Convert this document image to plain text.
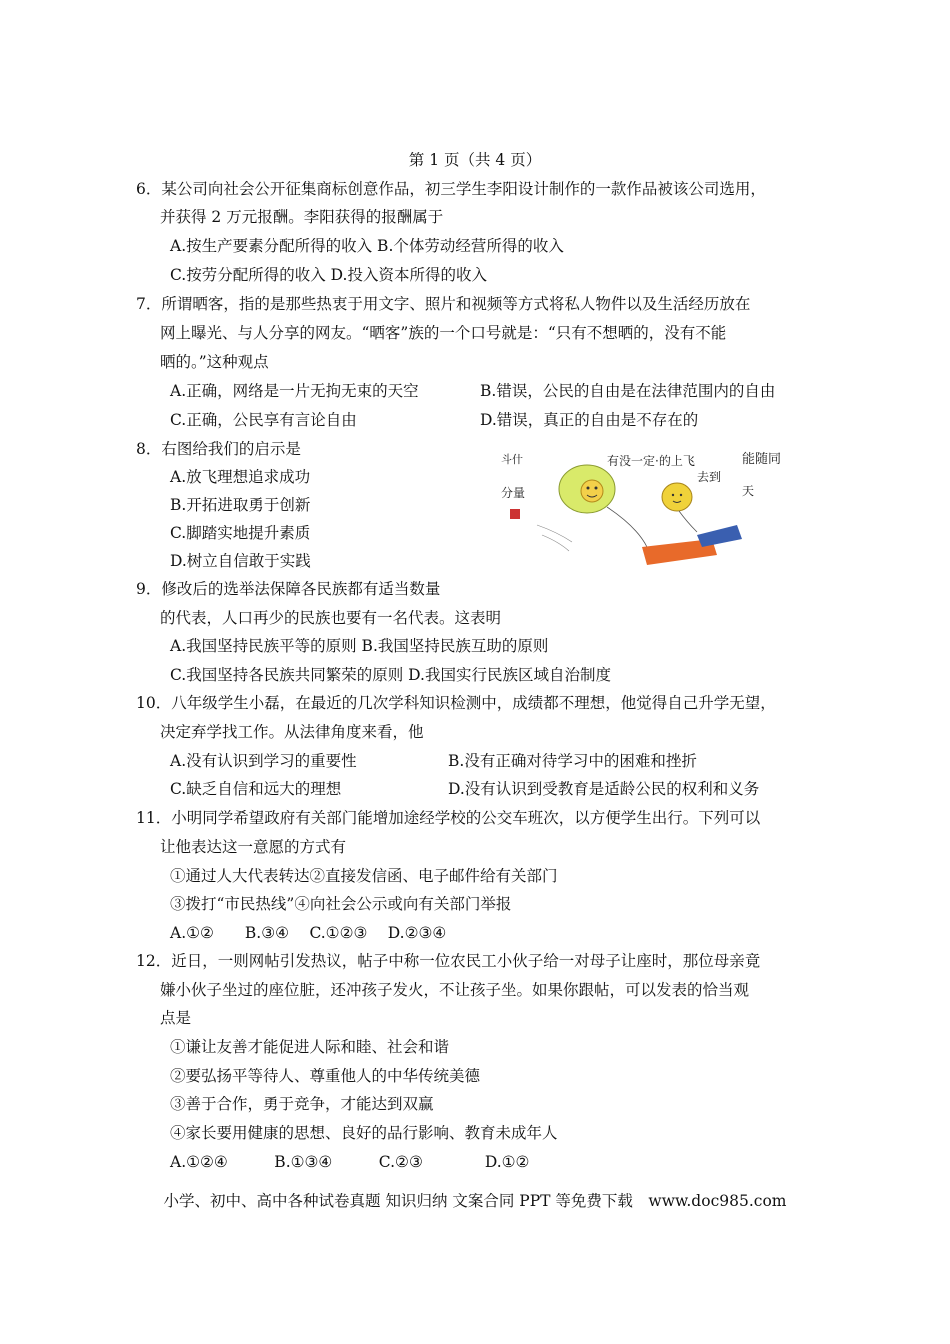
第 1 页（共 4 页）
6．某公司向社会公开征集商标创意作品，初三学生李阳设计制作的一款作品被该公司选用，
并获得 2 万元报酬。李阳获得的报酬属于
A.按生产要素分配所得的收入 B.个体劳动经营所得的收入
C.按劳分配所得的收入 D.投入资本所得的收入
7．所谓晒客，指的是那些热衷于用文字、照片和视频等方式将私人物件以及生活经历放在
网上曝光、与人分享的网友。“晒客”族的一个口号就是：“只有不想晒的，没有不能
晒的。”这种观点
A.正确，网络是一片无拘无束的天空	B.错误，公民的自由是在法律范围内的自由
C.正确，公民享有言论自由	D.错误，真正的自由是不存在的
8．右图给我们的启示是
A.放飞理想追求成功
B.开拓进取勇于创新
C.脚踏实地提升素质
D.树立自信敢于实践
斗什
分量
有没一定·的上飞
去到
能随同
天
9．修改后的选举法保障各民族都有适当数量
的代表，人口再少的民族也要有一名代表。这表明
A.我国坚持民族平等的原则 B.我国坚持民族互助的原则
C.我国坚持各民族共同繁荣的原则 D.我国实行民族区域自治制度
10．八年级学生小磊，在最近的几次学科知识检测中，成绩都不理想，他觉得自己升学无望，
决定弃学找工作。从法律角度来看，他
A.没有认识到学习的重要性	B.没有正确对待学习中的困难和挫折
C.缺乏自信和远大的理想	D.没有认识到受教育是适龄公民的权利和义务
11．小明同学希望政府有关部门能增加途经学校的公交车班次，以方便学生出行。下列可以
让他表达这一意愿的方式有
①通过人大代表转达②直接发信函、电子邮件给有关部门
③拨打“市民热线”④向社会公示或向有关部门举报
A.①②　　B.③④　 C.①②③　 D.②③④
12．近日，一则网帖引发热议，帖子中称一位农民工小伙子给一对母子让座时，那位母亲竟
嫌小伙子坐过的座位脏，还冲孩子发火，不让孩子坐。如果你跟帖，可以发表的恰当观
点是
①谦让友善才能促进人际和睦、社会和谐
②要弘扬平等待人、尊重他人的中华传统美德
③善于合作，勇于竞争，才能达到双赢
④家长要用健康的思想、良好的品行影响、教育未成年人
A.①②④　　　B.①③④　　　C.②③　　　　D.①②
小学、初中、高中各种试卷真题 知识归纳 文案合同 PPT 等免费下载　www.doc985.com
